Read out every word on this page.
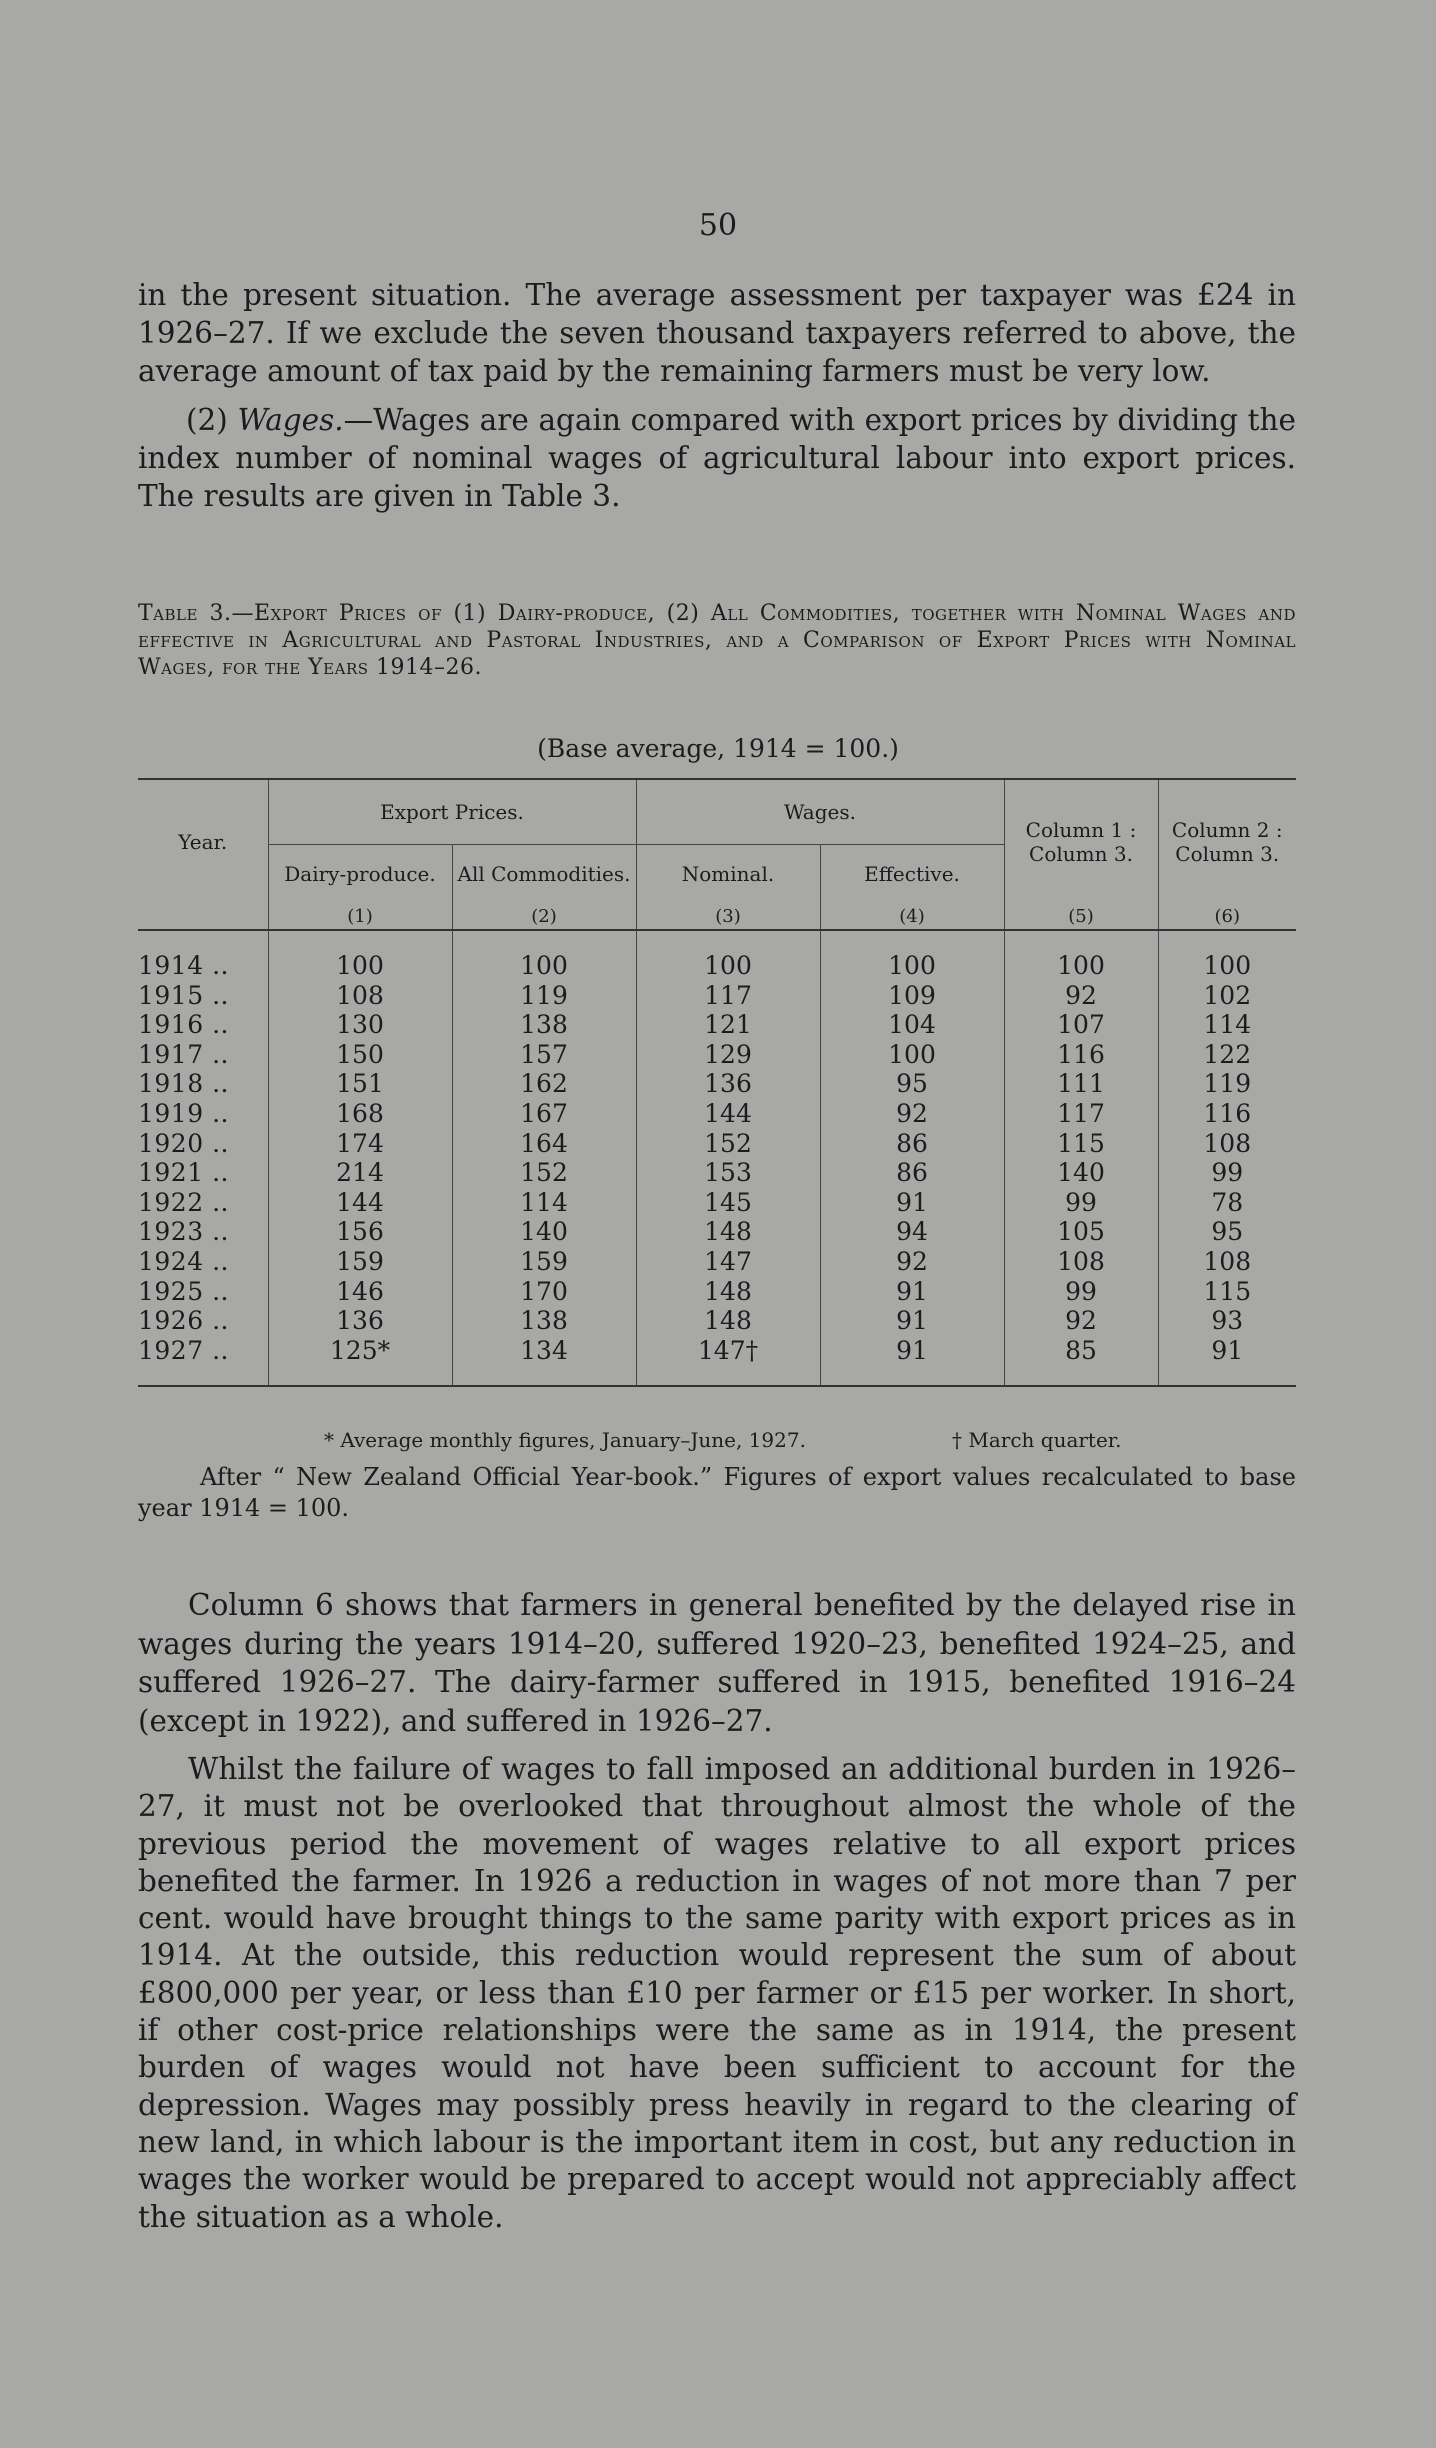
50

in the present situation. The average assessment per taxpayer was £24 in 1926–27. If we exclude the seven thousand taxpayers referred to above, the average amount of tax paid by the remaining farmers must be very low.

(2) Wages.—Wages are again compared with export prices by dividing the index number of nominal wages of agricultural labour into export prices. The results are given in Table 3.

Table 3.—Export Prices of (1) Dairy-produce, (2) All Commodities, together with Nominal Wages and effective in Agricultural and Pastoral Industries, and a Comparison of Export Prices with Nominal Wages, for the Years 1914–26.
(Base average, 1914 = 100.)
Year.	Export Prices.		Wages.		Column 1 : Column 3.	Column 2 : Column 3.
	Dairy-produce.	All Commodities.	Nominal.	Effective.		
	(1)	(2)	(3)	(4)	(5)	(6)
1914 ..	100	100	100	100	100	100
1915 ..	108	119	117	109	92	102
1916 ..	130	138	121	104	107	114
1917 ..	150	157	129	100	116	122
1918 ..	151	162	136	95	111	119
1919 ..	168	167	144	92	117	116
1920 ..	174	164	152	86	115	108
1921 ..	214	152	153	86	140	99
1922 ..	144	114	145	91	99	78
1923 ..	156	140	148	94	105	95
1924 ..	159	159	147	92	108	108
1925 ..	146	170	148	91	99	115
1926 ..	136	138	148	91	92	93
1927 ..	125*	134	147†	91	85	91
* Average monthly figures, January–June, 1927.	† March quarter.

After “ New Zealand Official Year-book.” Figures of export values recalculated to base year 1914 = 100.

Column 6 shows that farmers in general benefited by the delayed rise in wages during the years 1914–20, suffered 1920–23, benefited 1924–25, and suffered 1926–27. The dairy-farmer suffered in 1915, benefited 1916–24 (except in 1922), and suffered in 1926–27.

Whilst the failure of wages to fall imposed an additional burden in 1926–27, it must not be overlooked that throughout almost the whole of the previous period the movement of wages relative to all export prices benefited the farmer. In 1926 a reduction in wages of not more than 7 per cent. would have brought things to the same parity with export prices as in 1914. At the outside, this reduction would represent the sum of about £800,000 per year, or less than £10 per farmer or £15 per worker. In short, if other cost-price relationships were the same as in 1914, the present burden of wages would not have been sufficient to account for the depression. Wages may possibly press heavily in regard to the clearing of new land, in which labour is the important item in cost, but any reduction in wages the worker would be prepared to accept would not appreciably affect the situation as a whole.
